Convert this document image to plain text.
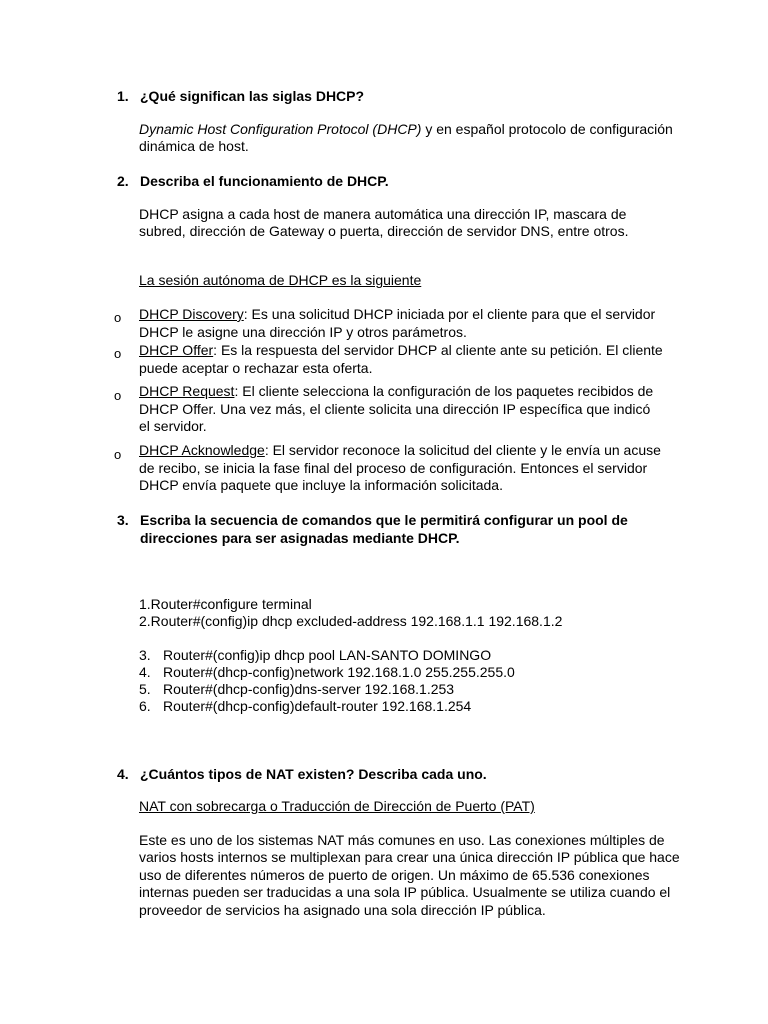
1. ¿Qué significan las siglas DHCP?
Dynamic Host Configuration Protocol (DHCP) y en español protocolo de configuración dinámica de host.
2. Describa el funcionamiento de DHCP.
DHCP asigna a cada host de manera automática una dirección IP, mascara de subred, dirección de Gateway o puerta, dirección de servidor DNS, entre otros.
La sesión autónoma de DHCP es la siguiente
o DHCP Discovery: Es una solicitud DHCP iniciada por el cliente para que el servidor DHCP le asigne una dirección IP y otros parámetros.
o DHCP Offer: Es la respuesta del servidor DHCP al cliente ante su petición. El cliente puede aceptar o rechazar esta oferta.
o DHCP Request: El cliente selecciona la configuración de los paquetes recibidos de DHCP Offer. Una vez más, el cliente solicita una dirección IP específica que indicó el servidor.
o DHCP Acknowledge: El servidor reconoce la solicitud del cliente y le envía un acuse de recibo, se inicia la fase final del proceso de configuración. Entonces el servidor DHCP envía paquete que incluye la información solicitada.
3. Escriba la secuencia de comandos que le permitirá configurar un pool de direcciones para ser asignadas mediante DHCP.
1.Router#configure terminal
2.Router#(config)ip dhcp excluded-address 192.168.1.1 192.168.1.2
3. Router#(config)ip dhcp pool LAN-SANTO DOMINGO
4. Router#(dhcp-config)network 192.168.1.0 255.255.255.0
5. Router#(dhcp-config)dns-server 192.168.1.253
6. Router#(dhcp-config)default-router 192.168.1.254
4. ¿Cuántos tipos de NAT existen? Describa cada uno.
NAT con sobrecarga o Traducción de Dirección de Puerto (PAT)
Este es uno de los sistemas NAT más comunes en uso. Las conexiones múltiples de varios hosts internos se multiplexan para crear una única dirección IP pública que hace uso de diferentes números de puerto de origen. Un máximo de 65.536 conexiones internas pueden ser traducidas a una sola IP pública. Usualmente se utiliza cuando el proveedor de servicios ha asignado una sola dirección IP pública.
